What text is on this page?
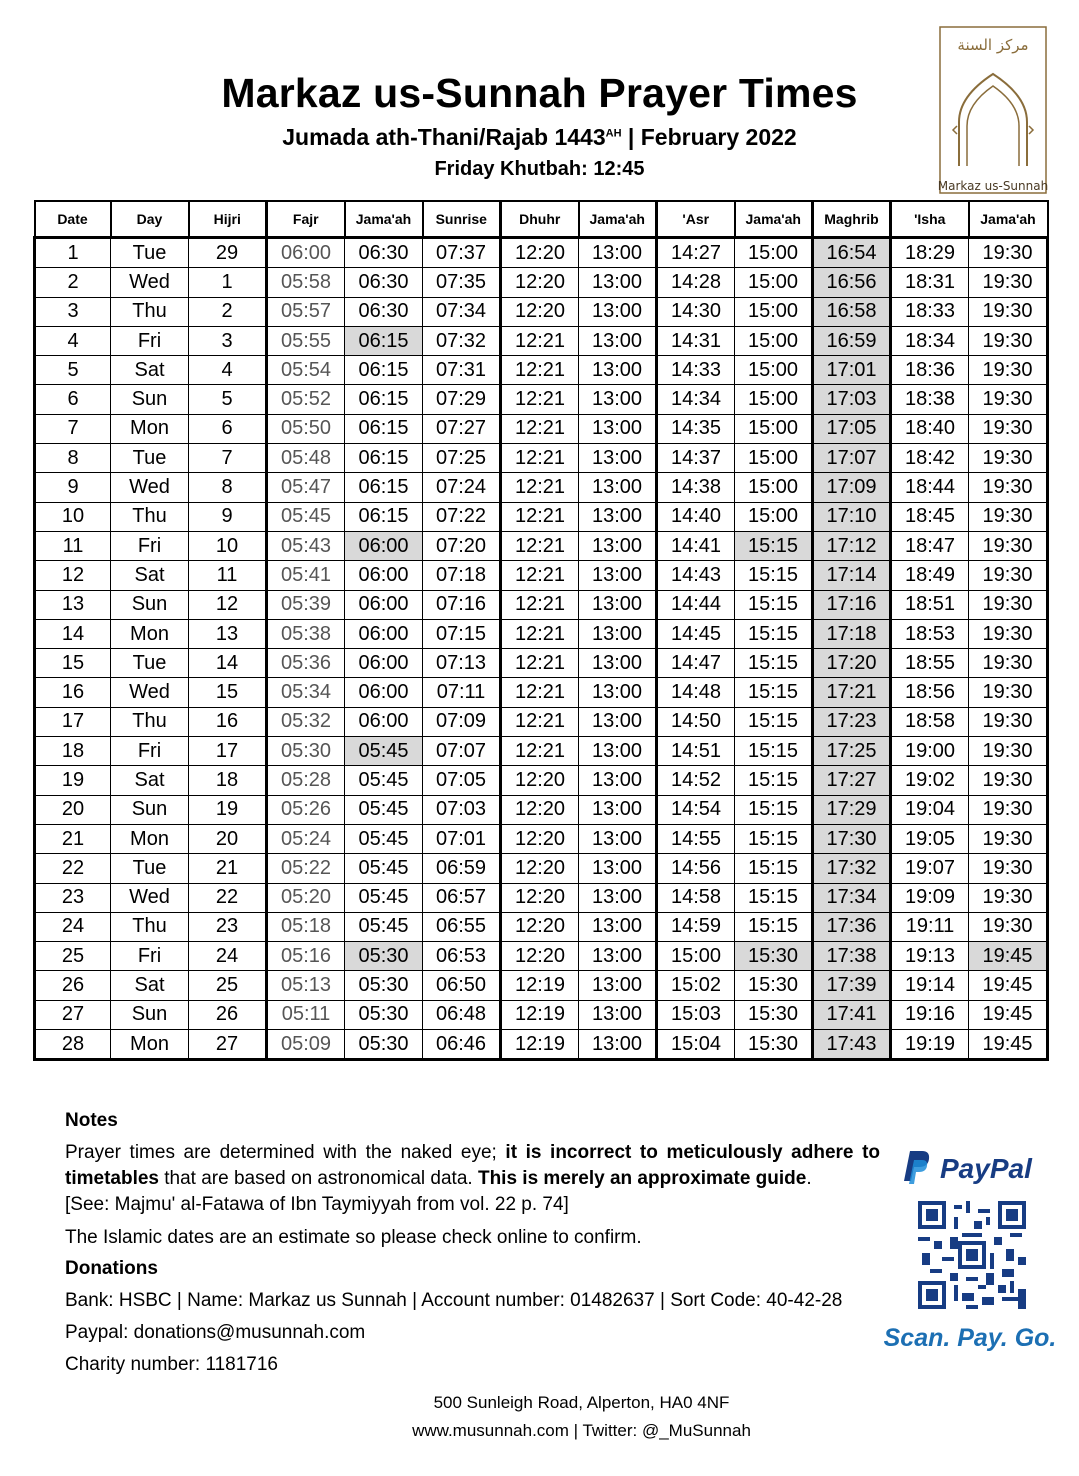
Markaz us-Sunnah Prayer Times
Jumada ath-Thani/Rajab $1443^{AH}$ | February 2022
Friday Khutbah: 12:45
مركز السنة
Markaz us-Sunnah
Date	Day	Hijri	Fajr	Jama'ah	Sunrise	Dhuhr	Jama'ah	'Asr	Jama'ah	Maghrib	'Isha	Jama'ah
1	Tue	29	06:00	06:30	07:37	12:20	13:00	14:27	15:00	16:54	18:29	19:30
2	Wed	1	05:58	06:30	07:35	12:20	13:00	14:28	15:00	16:56	18:31	19:30
3	Thu	2	05:57	06:30	07:34	12:20	13:00	14:30	15:00	16:58	18:33	19:30
4	Fri	3	05:55	06:15	07:32	12:21	13:00	14:31	15:00	16:59	18:34	19:30
5	Sat	4	05:54	06:15	07:31	12:21	13:00	14:33	15:00	17:01	18:36	19:30
6	Sun	5	05:52	06:15	07:29	12:21	13:00	14:34	15:00	17:03	18:38	19:30
7	Mon	6	05:50	06:15	07:27	12:21	13:00	14:35	15:00	17:05	18:40	19:30
8	Tue	7	05:48	06:15	07:25	12:21	13:00	14:37	15:00	17:07	18:42	19:30
9	Wed	8	05:47	06:15	07:24	12:21	13:00	14:38	15:00	17:09	18:44	19:30
10	Thu	9	05:45	06:15	07:22	12:21	13:00	14:40	15:00	17:10	18:45	19:30
11	Fri	10	05:43	06:00	07:20	12:21	13:00	14:41	15:15	17:12	18:47	19:30
12	Sat	11	05:41	06:00	07:18	12:21	13:00	14:43	15:15	17:14	18:49	19:30
13	Sun	12	05:39	06:00	07:16	12:21	13:00	14:44	15:15	17:16	18:51	19:30
14	Mon	13	05:38	06:00	07:15	12:21	13:00	14:45	15:15	17:18	18:53	19:30
15	Tue	14	05:36	06:00	07:13	12:21	13:00	14:47	15:15	17:20	18:55	19:30
16	Wed	15	05:34	06:00	07:11	12:21	13:00	14:48	15:15	17:21	18:56	19:30
17	Thu	16	05:32	06:00	07:09	12:21	13:00	14:50	15:15	17:23	18:58	19:30
18	Fri	17	05:30	05:45	07:07	12:21	13:00	14:51	15:15	17:25	19:00	19:30
19	Sat	18	05:28	05:45	07:05	12:20	13:00	14:52	15:15	17:27	19:02	19:30
20	Sun	19	05:26	05:45	07:03	12:20	13:00	14:54	15:15	17:29	19:04	19:30
21	Mon	20	05:24	05:45	07:01	12:20	13:00	14:55	15:15	17:30	19:05	19:30
22	Tue	21	05:22	05:45	06:59	12:20	13:00	14:56	15:15	17:32	19:07	19:30
23	Wed	22	05:20	05:45	06:57	12:20	13:00	14:58	15:15	17:34	19:09	19:30
24	Thu	23	05:18	05:45	06:55	12:20	13:00	14:59	15:15	17:36	19:11	19:30
25	Fri	24	05:16	05:30	06:53	12:20	13:00	15:00	15:30	17:38	19:13	19:45
26	Sat	25	05:13	05:30	06:50	12:19	13:00	15:02	15:30	17:39	19:14	19:45
27	Sun	26	05:11	05:30	06:48	12:19	13:00	15:03	15:30	17:41	19:16	19:45
28	Mon	27	05:09	05:30	06:46	12:19	13:00	15:04	15:30	17:43	19:19	19:45

Notes

Prayer times are determined with the naked eye; it is incorrect to meticulously adhere to timetables that are based on astronomical data. This is merely an approximate guide.

[See: Majmu' al-Fatawa of Ibn Taymiyyah from vol. 22 p. 74]

The Islamic dates are an estimate so please check online to confirm.

Donations

Bank: HSBC | Name: Markaz us Sunnah | Account number: 01482637 | Sort Code: 40-42-28

Paypal: donations@musunnah.com

Charity number: 1181716

PayPal
Scan. Pay. Go.
500 Sunleigh Road, Alperton, HA0 4NF
www.musunnah.com | Twitter: @_MuSunnah
